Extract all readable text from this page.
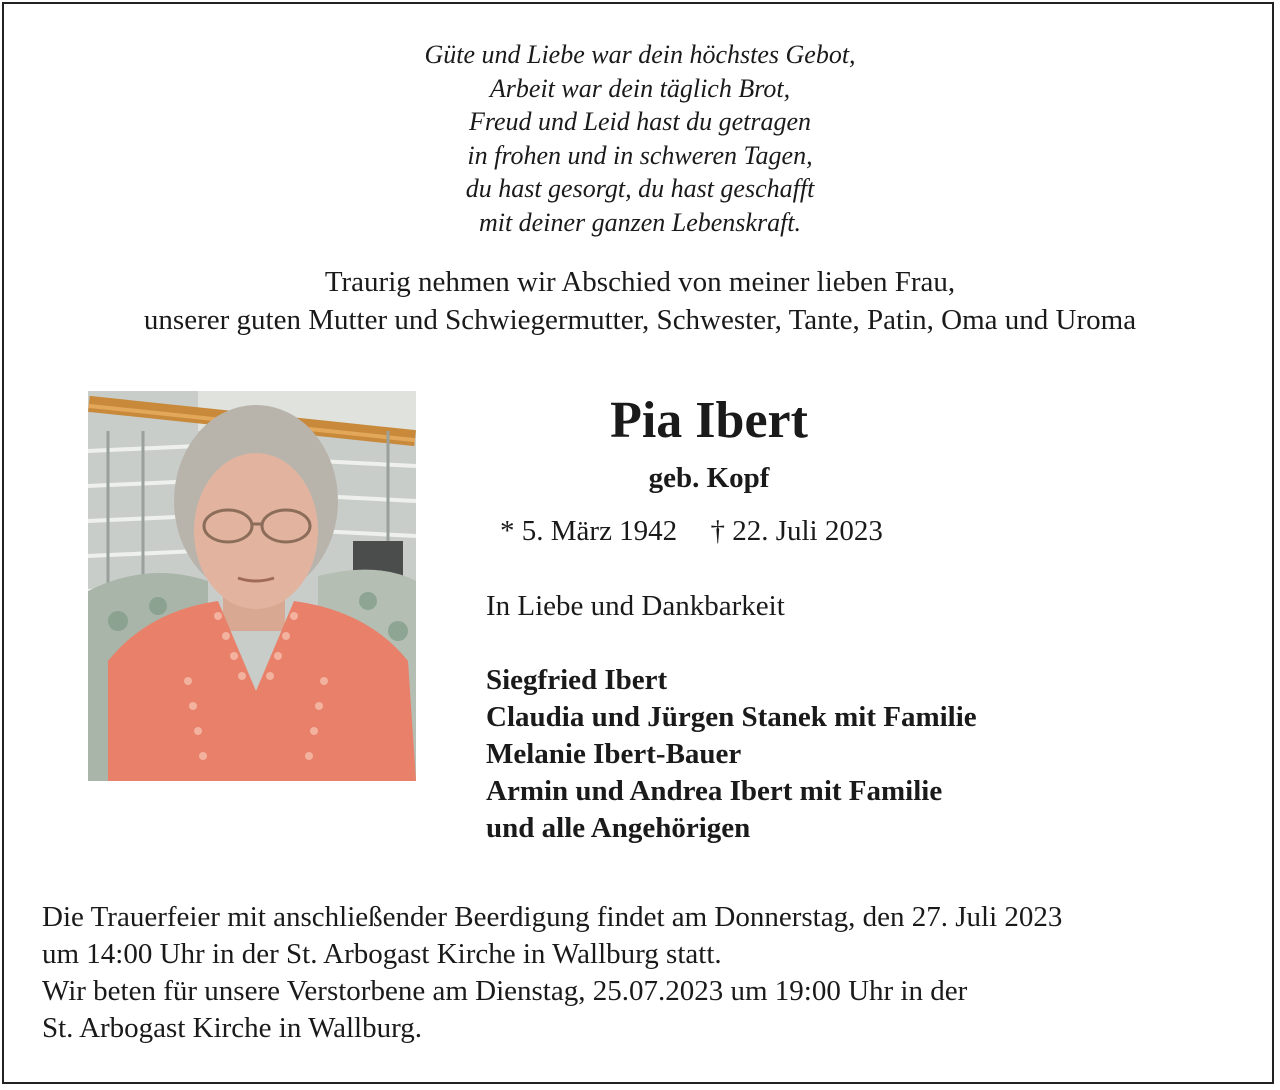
Güte und Liebe war dein höchstes Gebot,
Arbeit war dein täglich Brot,
Freud und Leid hast du getragen
in frohen und in schweren Tagen,
du hast gesorgt, du hast geschafft
mit deiner ganzen Lebenskraft.
Traurig nehmen wir Abschied von meiner lieben Frau,
unserer guten Mutter und Schwiegermutter, Schwester, Tante, Patin, Oma und Uroma
Pia Ibert
geb. Kopf
* 5. März 1942 † 22. Juli 2023
In Liebe und Dankbarkeit
Siegfried Ibert
Claudia und Jürgen Stanek mit Familie
Melanie Ibert-Bauer
Armin und Andrea Ibert mit Familie
und alle Angehörigen
Die Trauerfeier mit anschließender Beerdigung findet am Donnerstag, den 27. Juli 2023
um 14:00 Uhr in der St. Arbogast Kirche in Wallburg statt.
Wir beten für unsere Verstorbene am Dienstag, 25.07.2023 um 19:00 Uhr in der
St. Arbogast Kirche in Wallburg.
